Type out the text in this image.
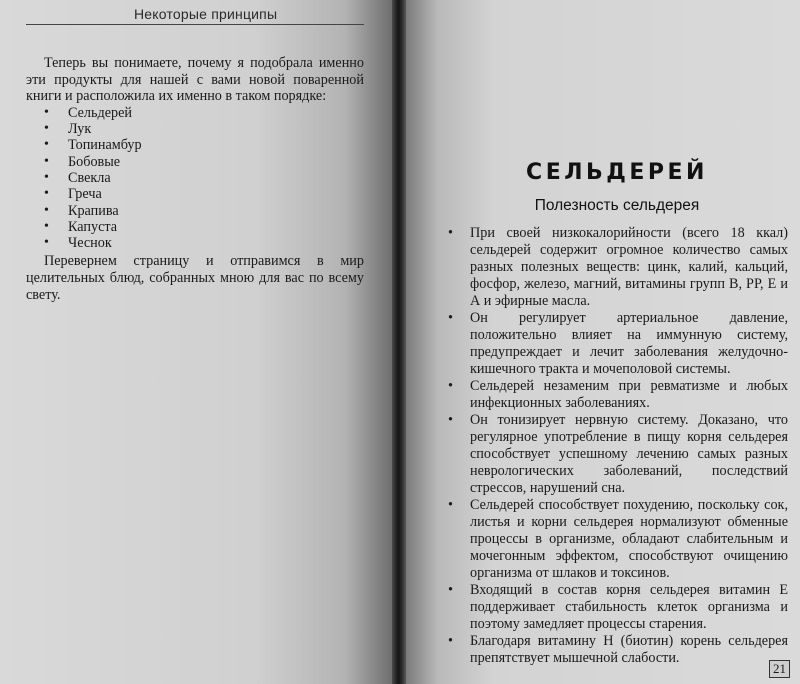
Некоторые принципы

Теперь вы понимаете, почему я подобрала именно эти продукты для нашей с вами новой поваренной книги и расположила их именно в таком порядке:

• Сельдерей
• Лук
• Топинамбур
• Бобовые
• Свекла
• Греча
• Крапива
• Капуста
• Чеснок

Перевернем страницу и отправимся в мир целительных блюд, собранных мною для вас по всему свету.

СЕЛЬДЕРЕЙ
Полезность сельдерея
• При своей низкокалорийности (всего 18 ккал) сельдерей содержит огромное количество самых разных полезных веществ: цинк, калий, кальций, фосфор, железо, магний, витамины групп В, РР, Е и А и эфирные масла.
• Он регулирует артериальное давление, положительно влияет на иммунную систему, предупреждает и лечит заболевания желудочно-кишечного тракта и мочеполовой системы.
• Сельдерей незаменим при ревматизме и любых инфекционных заболеваниях.
• Он тонизирует нервную систему. Доказано, что регулярное употребление в пищу корня сельдерея способствует успешному лечению самых разных неврологических заболеваний, последствий стрессов, нарушений сна.
• Сельдерей способствует похудению, поскольку сок, листья и корни сельдерея нормализуют обменные процессы в организме, обладают слабительным и мочегонным эффектом, способствуют очищению организма от шлаков и токсинов.
• Входящий в состав корня сельдерея витамин Е поддерживает стабильность клеток организма и поэтому замедляет процессы старения.
• Благодаря витамину Н (биотин) корень сельдерея препятствует мышечной слабости.
21
